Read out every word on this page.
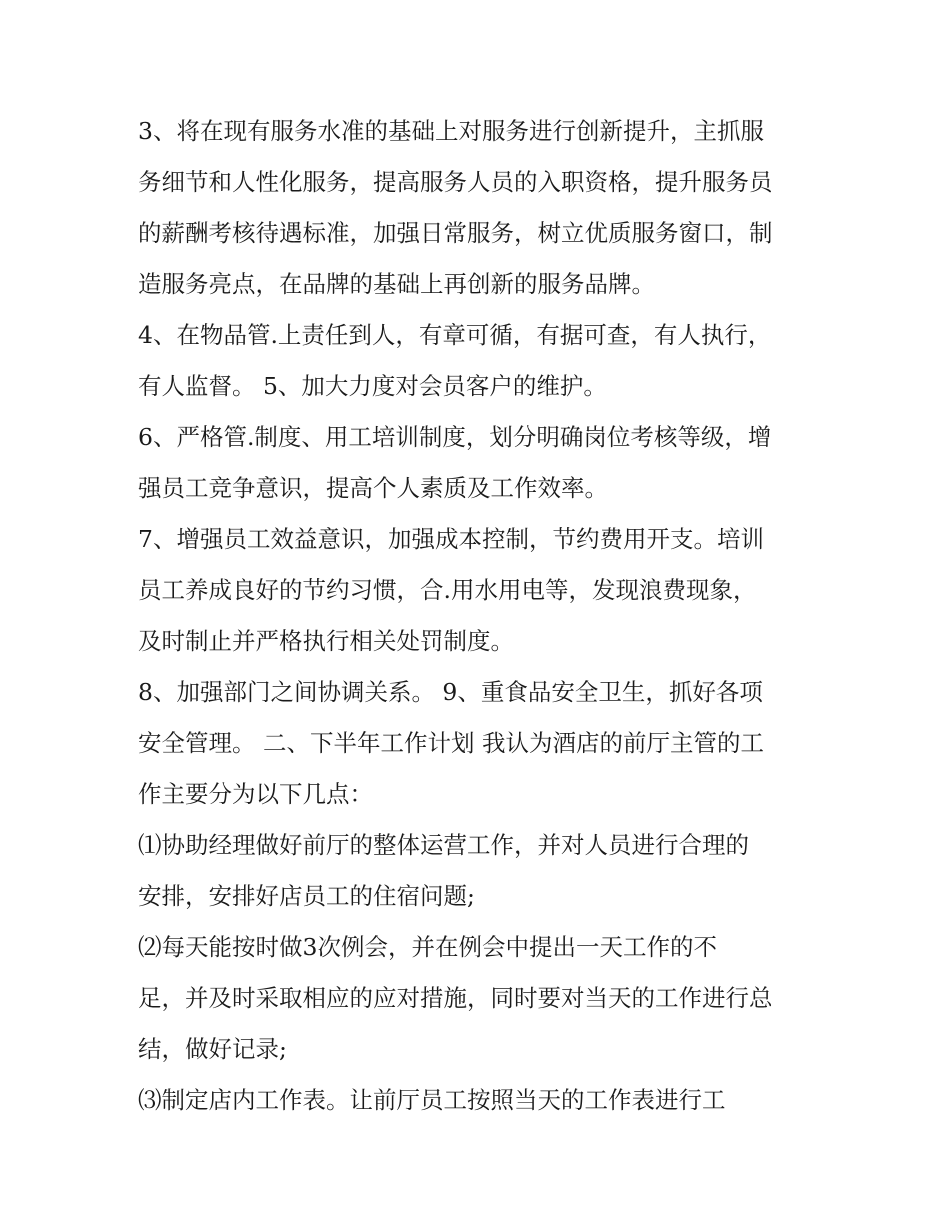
3、将在现有服务水准的基础上对服务进行创新提升，主抓服
务细节和人性化服务，提高服务人员的入职资格，提升服务员
的薪酬考核待遇标准，加强日常服务，树立优质服务窗口，制
造服务亮点，在品牌的基础上再创新的服务品牌。
4、在物品管.上责任到人，有章可循，有据可查，有人执行，
有人监督。 5、加大力度对会员客户的维护。
6、严格管.制度、用工培训制度，划分明确岗位考核等级，增
强员工竞争意识，提高个人素质及工作效率。
7、增强员工效益意识，加强成本控制，节约费用开支。培训
员工养成良好的节约习惯，合.用水用电等，发现浪费现象，
及时制止并严格执行相关处罚制度。
8、加强部门之间协调关系。 9、重食品安全卫生，抓好各项
安全管理。 二、下半年工作计划 我认为酒店的前厅主管的工
作主要分为以下几点：
⑴协助经理做好前厅的整体运营工作，并对人员进行合理的
安排，安排好店员工的住宿问题;
⑵每天能按时做3次例会，并在例会中提出一天工作的不
足，并及时采取相应的应对措施，同时要对当天的工作进行总
结，做好记录;
⑶制定店内工作表。让前厅员工按照当天的工作表进行工
